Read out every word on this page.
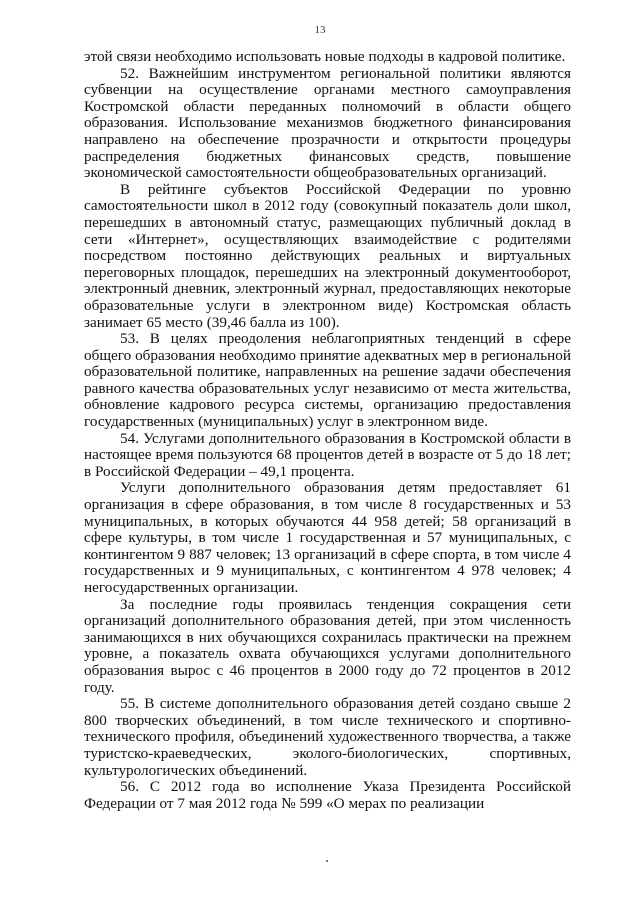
13

этой связи необходимо использовать новые подходы в кадровой политике.

52. Важнейшим инструментом региональной политики являются субвенции на осуществление органами местного самоуправления Костромской области переданных полномочий в области общего образования. Использование механизмов бюджетного финансирования направлено на обеспечение прозрачности и открытости процедуры распределения бюджетных финансовых средств, повышение экономической самостоятельности общеобразовательных организаций.

В рейтинге субъектов Российской Федерации по уровню самостоятельности школ в 2012 году (совокупный показатель доли школ, перешедших в автономный статус, размещающих публичный доклад в сети «Интернет», осуществляющих взаимодействие с родителями посредством постоянно действующих реальных и виртуальных переговорных площадок, перешедших на электронный документооборот, электронный дневник, электронный журнал, предоставляющих некоторые образовательные услуги в электронном виде) Костромская область занимает 65 место (39,46 балла из 100).

53. В целях преодоления неблагоприятных тенденций в сфере общего образования необходимо принятие адекватных мер в региональной образовательной политике, направленных на решение задачи обеспечения равного качества образовательных услуг независимо от места жительства, обновление кадрового ресурса системы, организацию предоставления государственных (муниципальных) услуг в электронном виде.

54. Услугами дополнительного образования в Костромской области в настоящее время пользуются 68 процентов детей в возрасте от 5 до 18 лет; в Российской Федерации – 49,1 процента.

Услуги дополнительного образования детям предоставляет 61 организация в сфере образования, в том числе 8 государственных и 53 муниципальных, в которых обучаются 44 958 детей; 58 организаций в сфере культуры, в том числе 1 государственная и 57 муниципальных, с контингентом 9 887 человек; 13 организаций в сфере спорта, в том числе 4 государственных и 9 муниципальных, с контингентом 4 978 человек; 4 негосударственных организации.

За последние годы проявилась тенденция сокращения сети организаций дополнительного образования детей, при этом численность занимающихся в них обучающихся сохранилась практически на прежнем уровне, а показатель охвата обучающихся услугами дополнительного образования вырос с 46 процентов в 2000 году до 72 процентов в 2012 году.

55. В системе дополнительного образования детей создано свыше 2 800 творческих объединений, в том числе технического и спортивно-технического профиля, объединений художественного творчества, а также туристско-краеведческих, эколого-биологических, спортивных, культурологических объединений.

56. С 2012 года во исполнение Указа Президента Российской Федерации от 7 мая 2012 года № 599 «О мерах по реализации
